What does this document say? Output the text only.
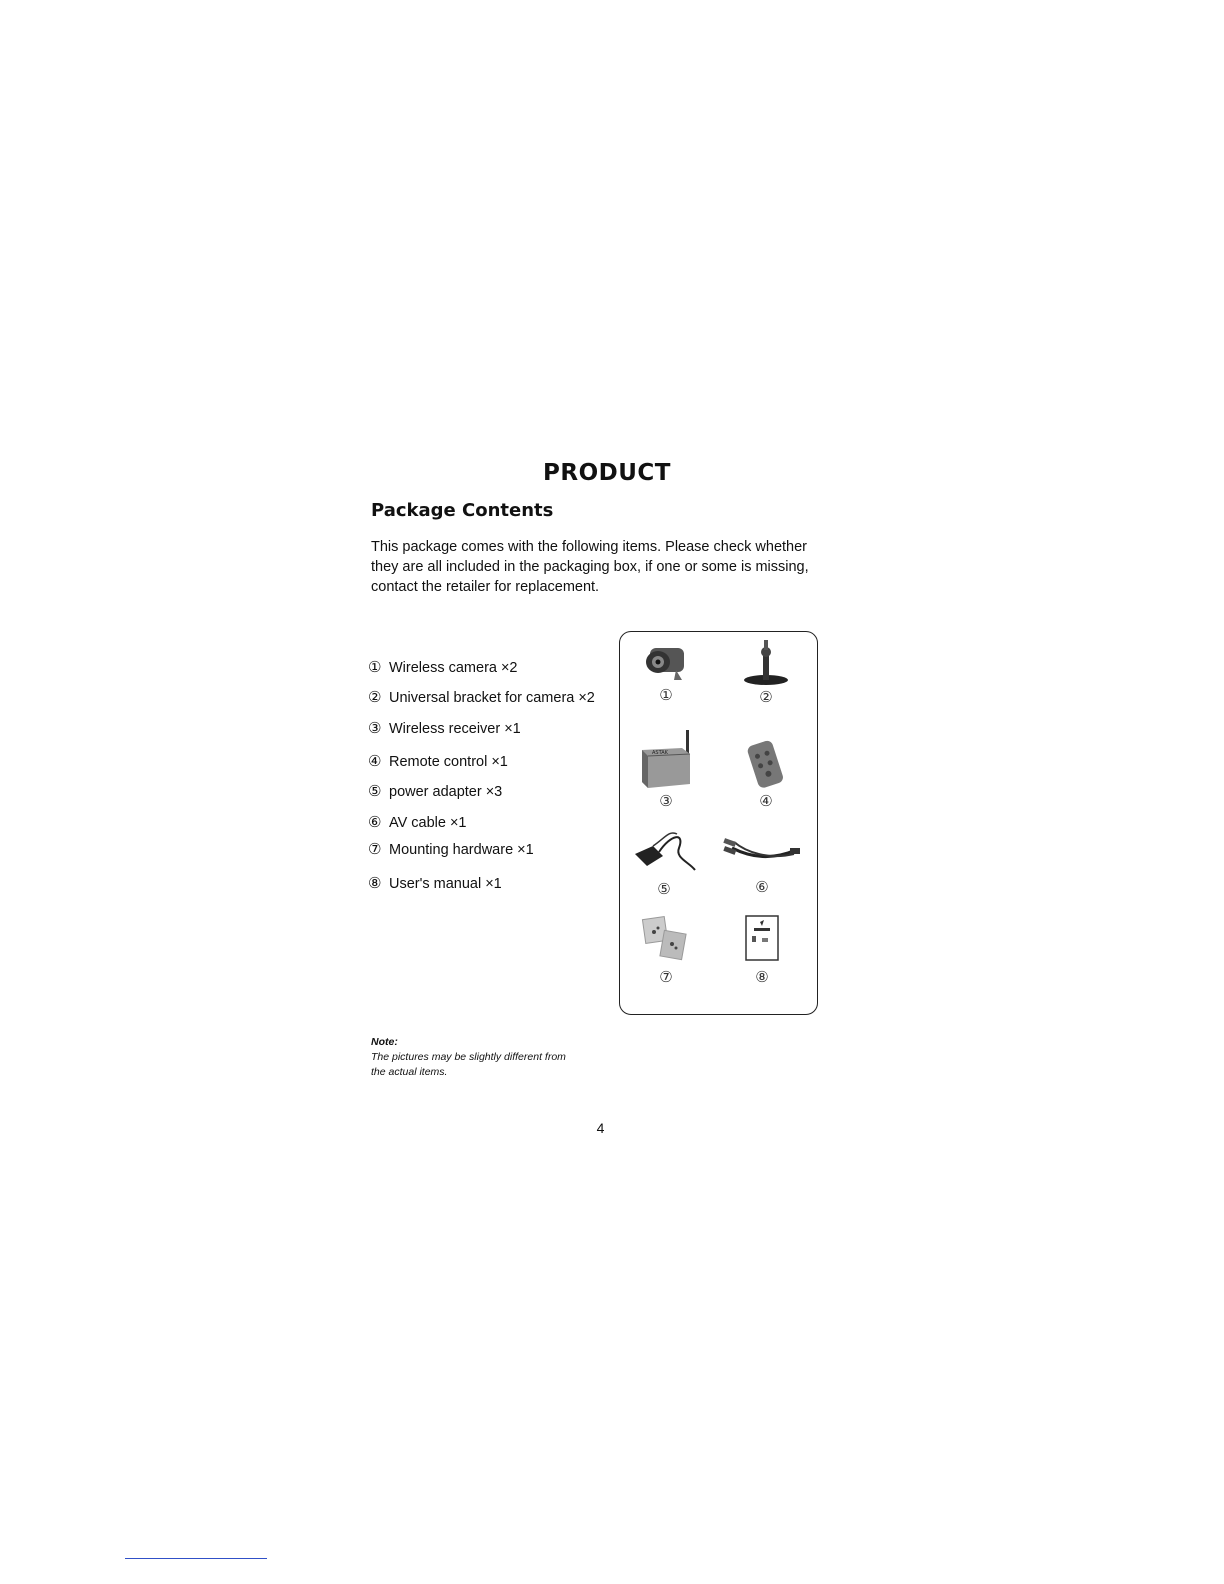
PRODUCT
Package Contents

This package comes with the following items. Please check whether
they are all included in the packaging box, if one or some is missing,
contact the retailer for replacement.

① Wireless camera ×2
② Universal bracket for camera ×2
③ Wireless receiver ×1
④ Remote control ×1
⑤ power adapter ×3
⑥ AV cable ×1
⑦ Mounting hardware ×1
⑧ User's manual ×1
①	②
ASTAK
③	④
⑤	⑥
⑦	⑧
Note:
The pictures may be slightly different from
the actual items.
4
